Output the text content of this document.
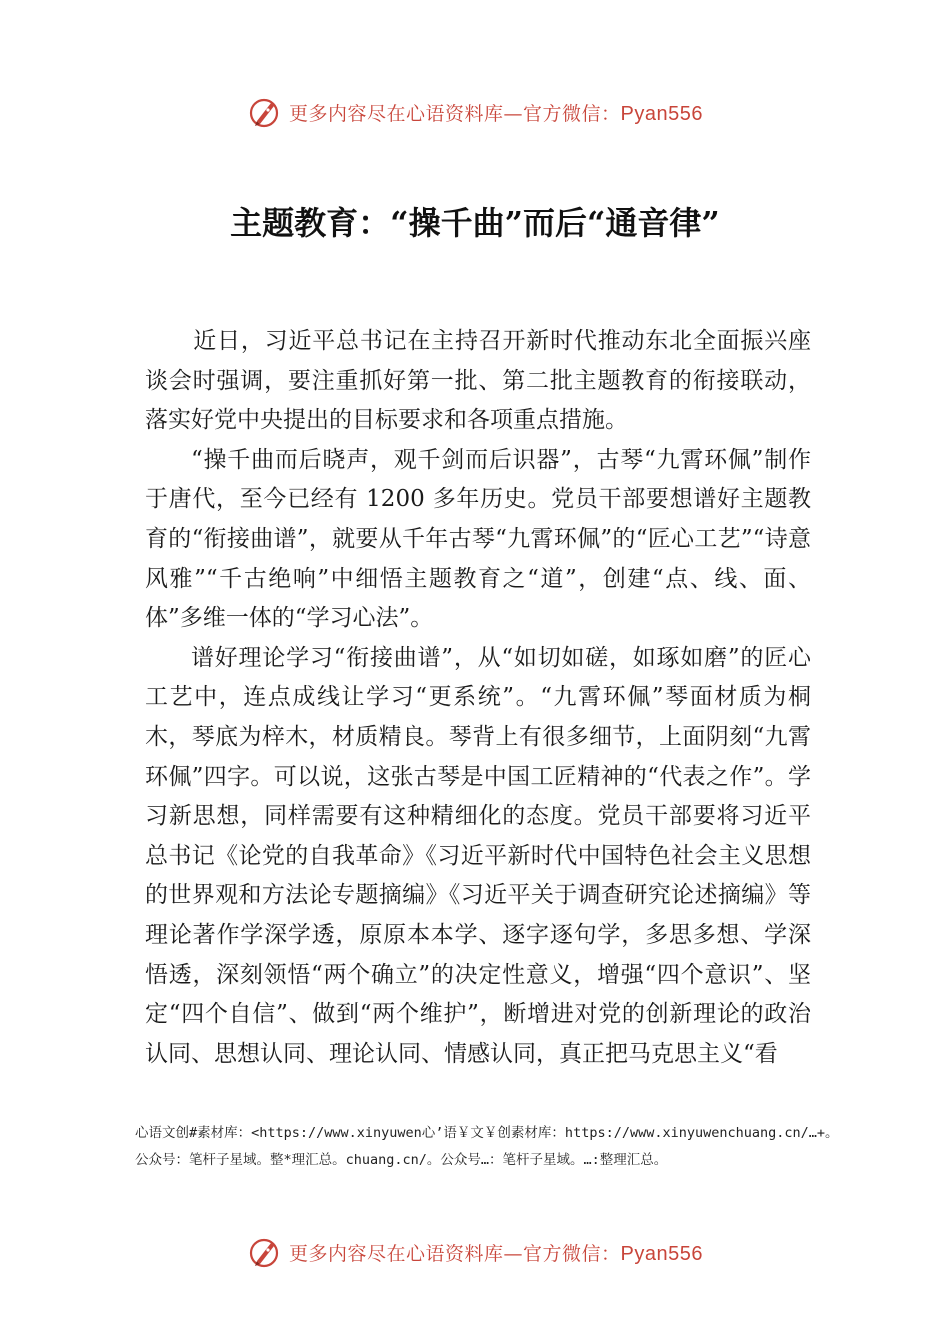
更多内容尽在心语资料库—官方微信：Pyan556
主题教育：“操千曲”而后“通音律”

近日，习近平总书记在主持召开新时代推动东北全面振兴座谈会时强调，要注重抓好第一批、第二批主题教育的衔接联动，落实好党中央提出的目标要求和各项重点措施。

“操千曲而后晓声，观千剑而后识器”，古琴“九霄环佩”制作于唐代，至今已经有 1200 多年历史。党员干部要想谱好主题教育的“衔接曲谱”，就要从千年古琴“九霄环佩”的“匠心工艺”“诗意风雅”“千古绝响”中细悟主题教育之“道”，创建“点、线、面、体”多维一体的“学习心法”。

谱好理论学习“衔接曲谱”，从“如切如磋，如琢如磨”的匠心工艺中，连点成线让学习“更系统”。“九霄环佩”琴面材质为桐木，琴底为梓木，材质精良。琴背上有很多细节，上面阴刻“九霄环佩”四字。可以说，这张古琴是中国工匠精神的“代表之作”。学习新思想，同样需要有这种精细化的态度。党员干部要将习近平总书记《论党的自我革命》《习近平新时代中国特色社会主义思想的世界观和方法论专题摘编》《习近平关于调查研究论述摘编》等理论著作学深学透，原原本本学、逐字逐句学，多思多想、学深悟透，深刻领悟“两个确立”的决定性意义，增强“四个意识”、坚定“四个自信”、做到“两个维护”，断增进对党的创新理论的政治认同、思想认同、理论认同、情感认同，真正把马克思主义“看

心语文创#素材库：<https://www.xinyuwen心’语￥文￥创素材库：https://www.xinyuwenchuang.cn/…+。公众号：笔杆子星域。整*理汇总。chuang.cn/。公众号…：笔杆子星域。…:整理汇总。
更多内容尽在心语资料库—官方微信：Pyan556
